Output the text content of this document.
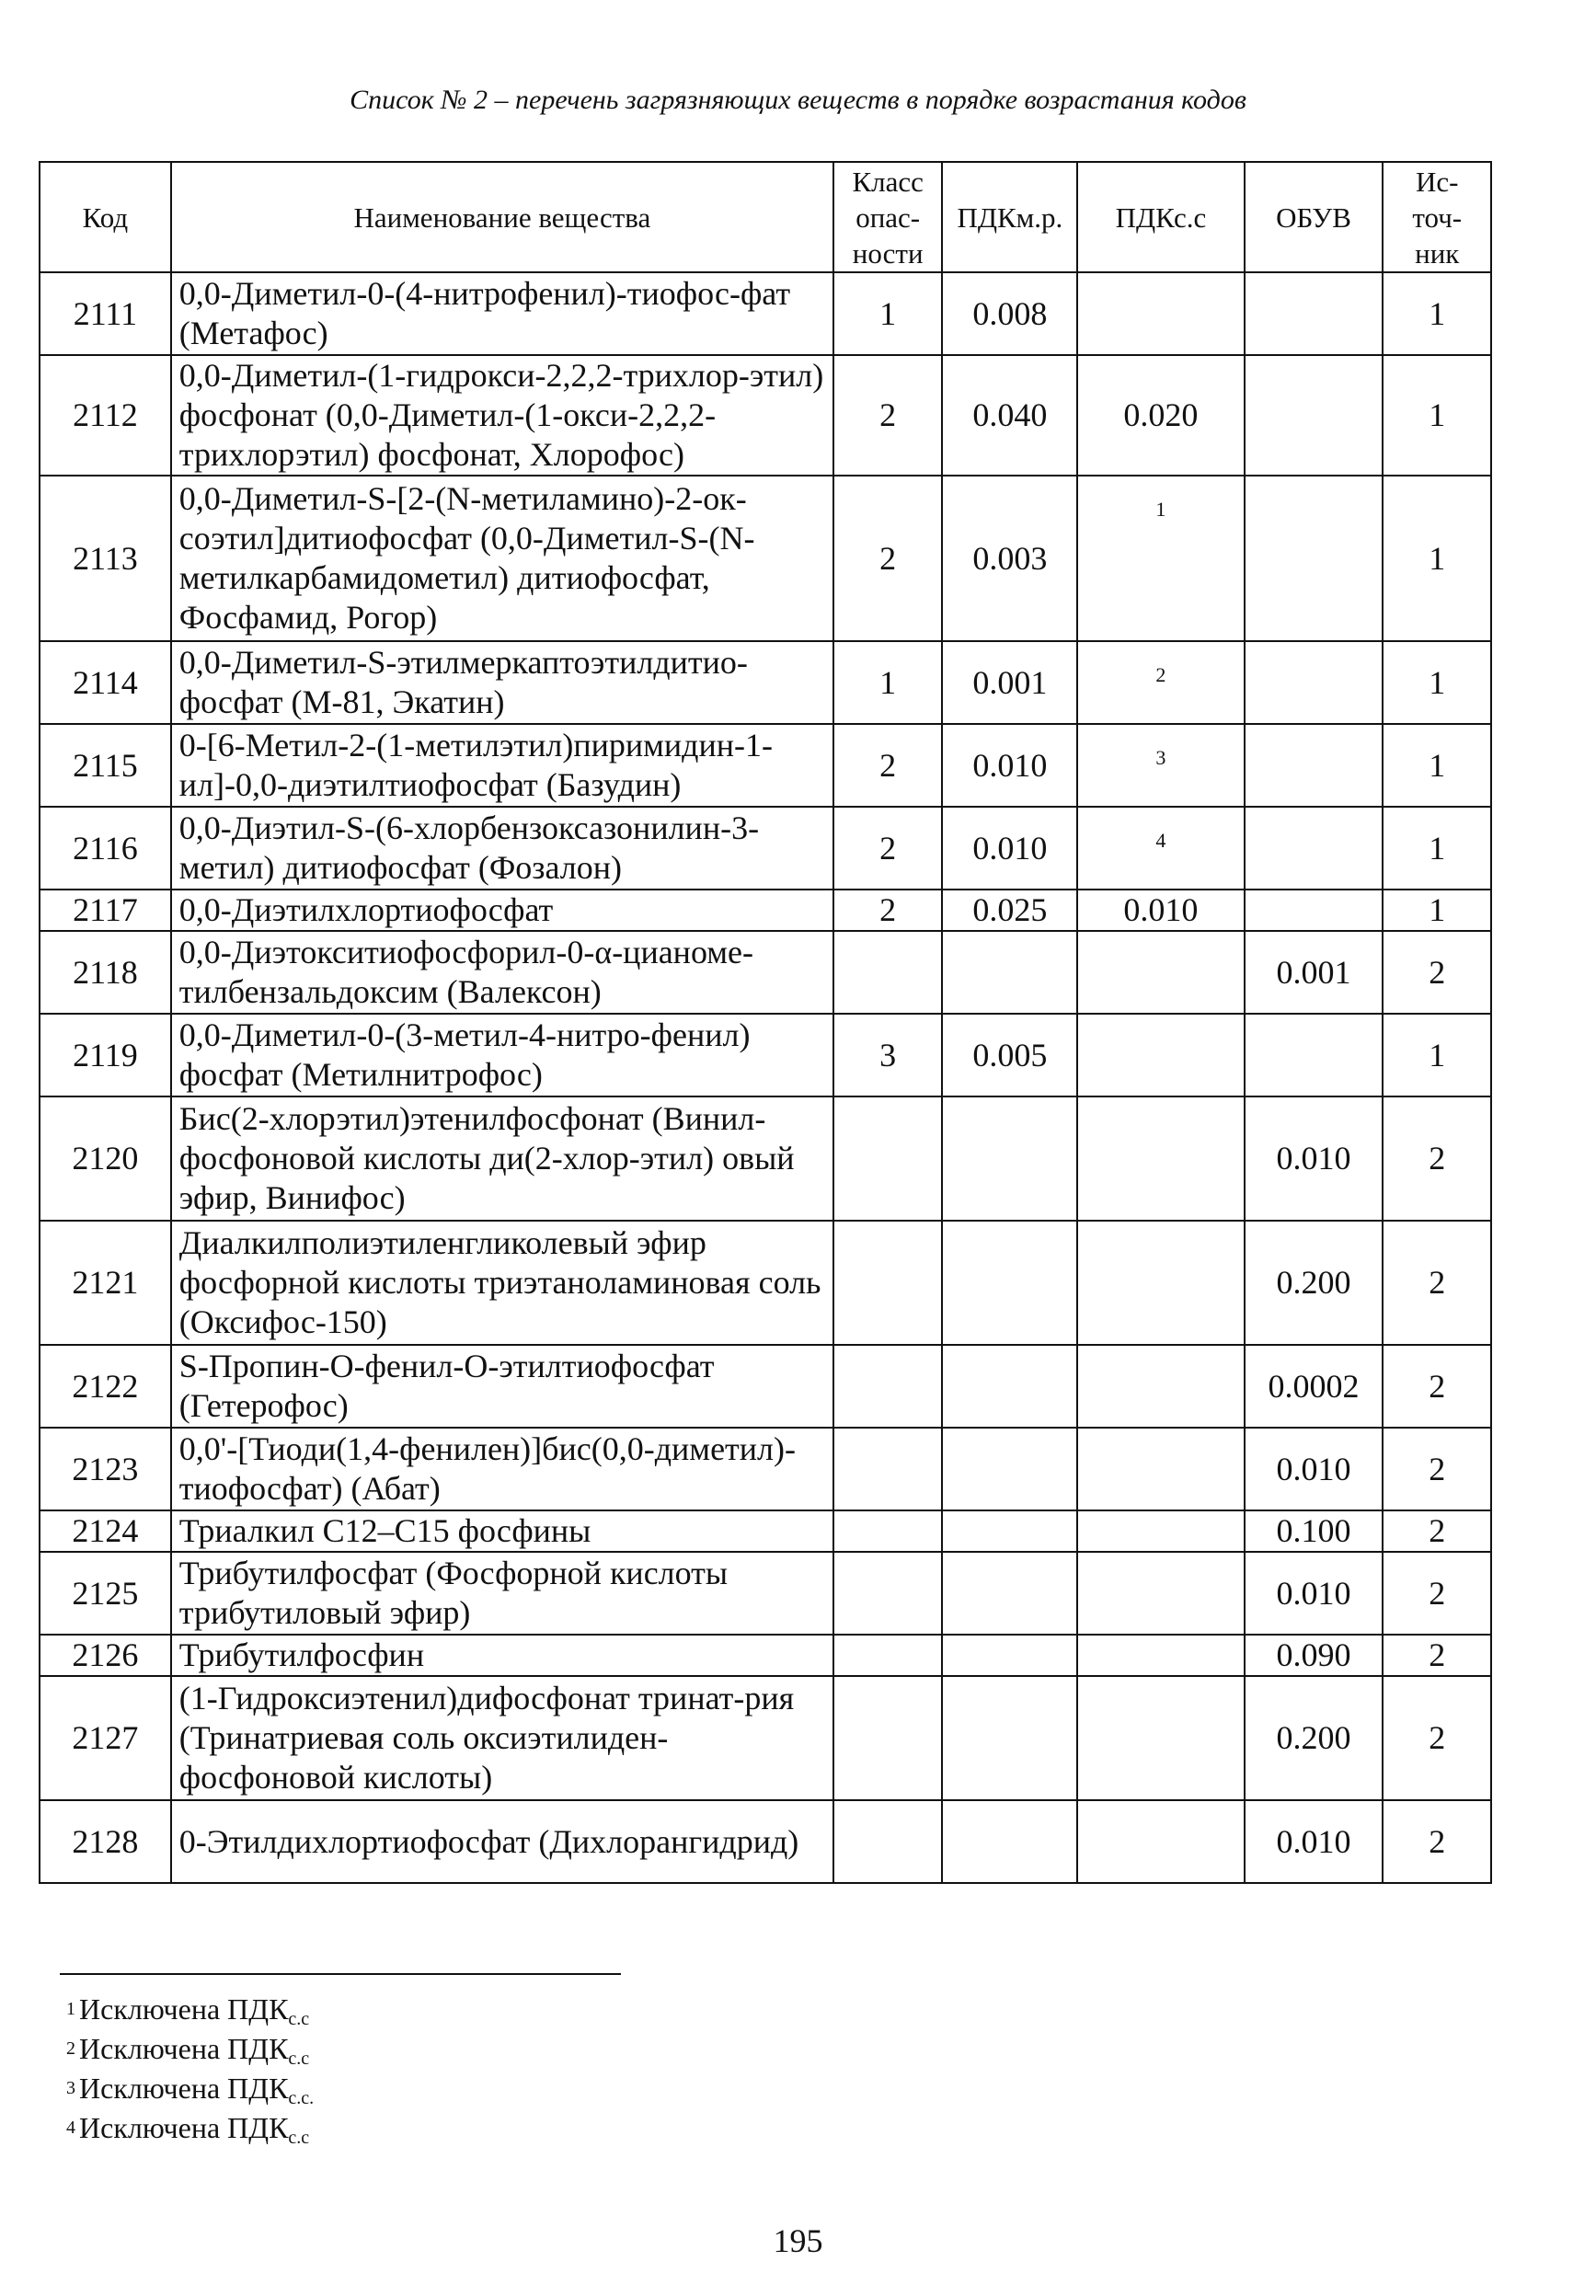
Список № 2 – перечень загрязняющих веществ в порядке возрастания кодов
Код	Наименование вещества	Класс опас-ности	ПДКм.р.	ПДКс.с	ОБУВ	Ис-точ-ник
2111	0,0-Диметил-0-(4-нитрофенил)-тиофос-фат (Метафос)	1	0.008			1
2112	0,0-Диметил-(1-гидрокси-2,2,2-трихлор-этил) фосфонат (0,0-Диметил-(1-окси-2,2,2-трихлорэтил) фосфонат, Хлорофос)	2	0.040	0.020		1
2113	0,0-Диметил-S-[2-(N-метиламино)-2-ок-соэтил]дитиофосфат (0,0-Диметил-S-(N-метилкарбамидометил) дитиофосфат, Фосфамид, Рогор)	2	0.003	1		1
2114	0,0-Диметил-S-этилмеркаптоэтилдитио-фосфат (М-81, Экатин)	1	0.001	2		1
2115	0-[6-Метил-2-(1-метилэтил)пиримидин-1-ил]-0,0-диэтилтиофосфат (Базудин)	2	0.010	3		1
2116	0,0-Диэтил-S-(6-хлорбензоксазонилин-3-метил) дитиофосфат (Фозалон)	2	0.010	4		1
2117	0,0-Диэтилхлортиофосфат	2	0.025	0.010		1
2118	0,0-Диэтокситиофосфорил-0-α-цианоме-тилбензальдоксим (Валексон)				0.001	2
2119	0,0-Диметил-0-(3-метил-4-нитро-фенил) фосфат (Метилнитрофос)	3	0.005			1
2120	Бис(2-хлорэтил)этенилфосфонат (Винил-фосфоновой кислоты ди(2-хлор-этил) овый эфир, Винифос)				0.010	2
2121	Диалкилполиэтиленгликолевый эфир фосфорной кислоты триэтаноламиновая соль (Оксифос-150)				0.200	2
2122	S-Пропин-О-фенил-О-этилтиофосфат (Гетерофос)				0.0002	2
2123	0,0'-[Тиоди(1,4-фенилен)]бис(0,0-диметил)-тиофосфат) (Абат)				0.010	2
2124	Триалкил C12–C15 фосфины				0.100	2
2125	Трибутилфосфат (Фосфорной кислоты трибутиловый эфир)				0.010	2
2126	Трибутилфосфин				0.090	2
2127	(1-Гидроксиэтенил)дифосфонат тринат-рия (Тринатриевая соль оксиэтилиден-фосфоновой кислоты)				0.200	2
2128	0-Этилдихлортиофосфат (Дихлорангидрид)				0.010	2
$^1$ Исключена ПДКс.с
$^2$ Исключена ПДКс.с
$^3$ Исключена ПДКс.с.
$^4$ Исключена ПДКс.с
195
